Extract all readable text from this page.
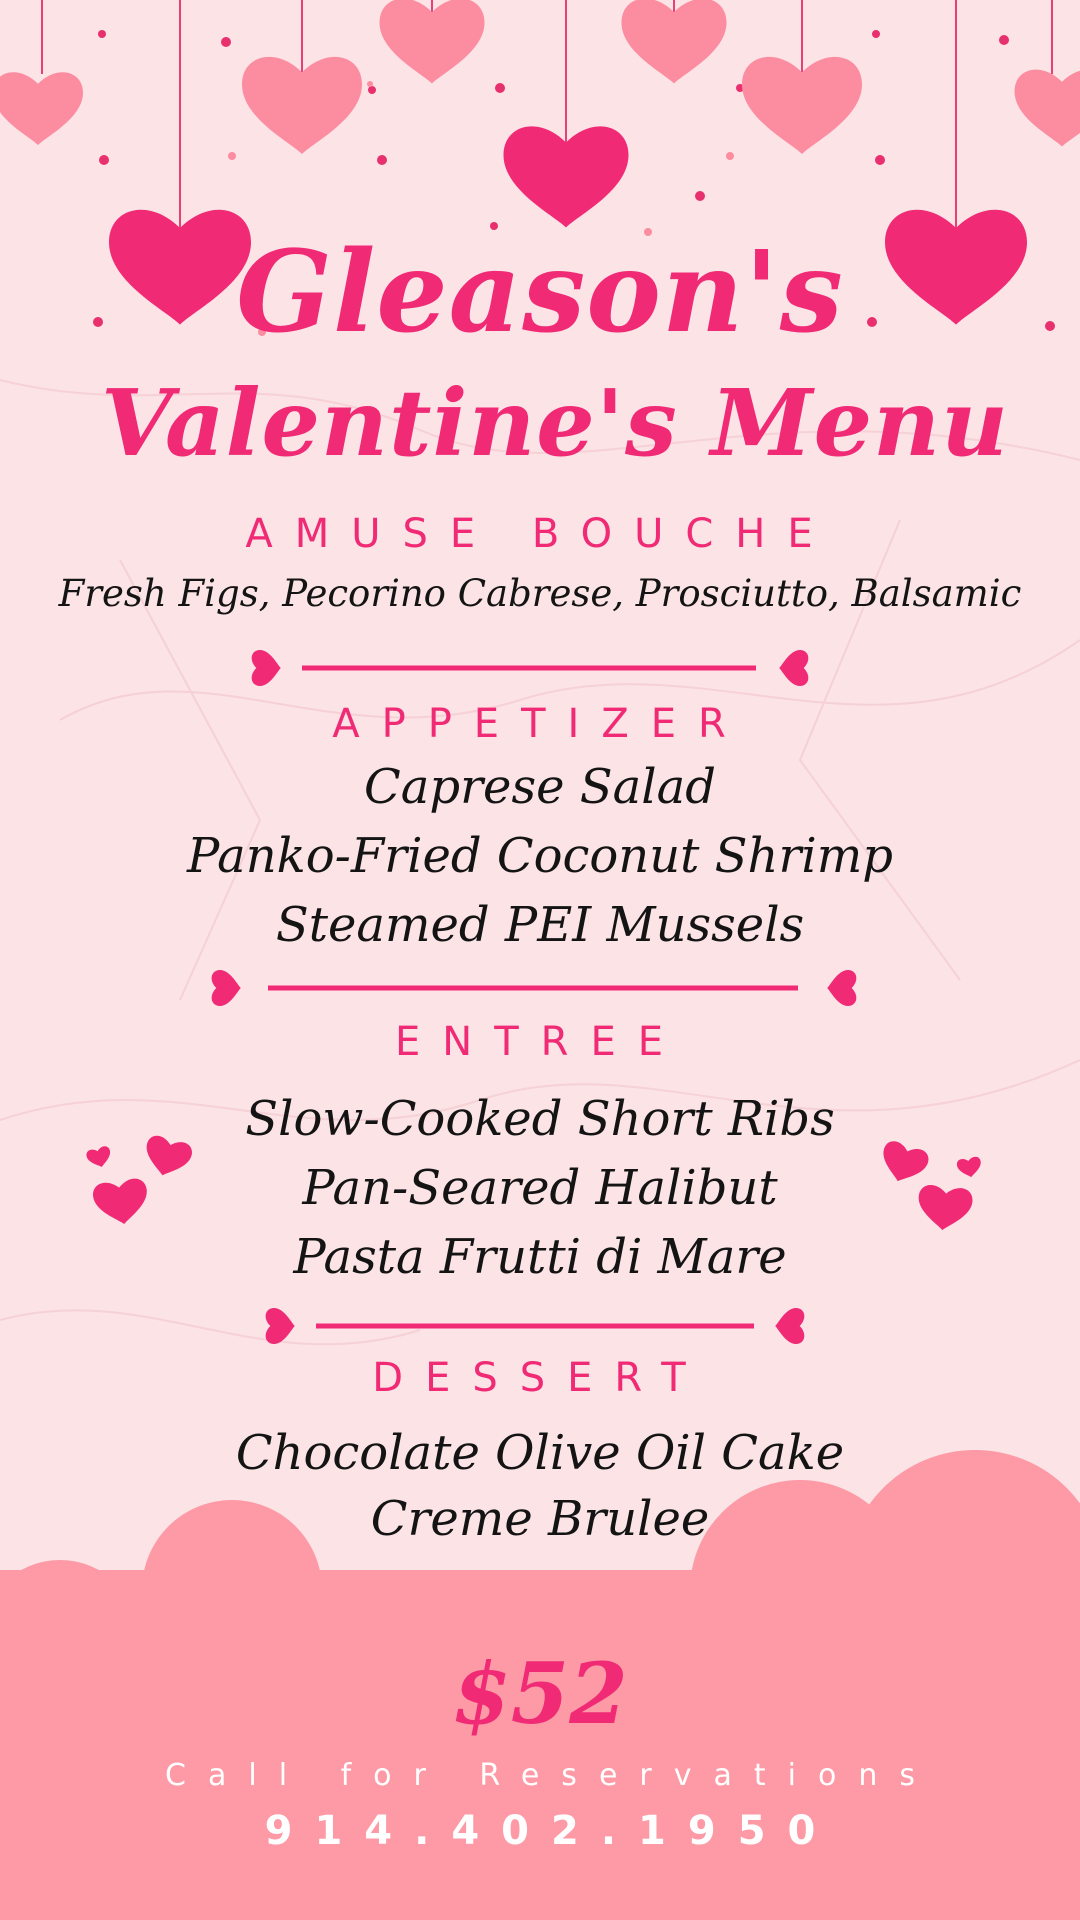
Gleason's
Valentine's Menu
AMUSE BOUCHE
Fresh Figs, Pecorino Cabrese, Prosciutto, Balsamic
APPETIZER
Caprese Salad
Panko-Fried Coconut Shrimp
Steamed PEI Mussels
ENTREE
Slow-Cooked Short Ribs
Pan-Seared Halibut
Pasta Frutti di Mare
DESSERT
Chocolate Olive Oil Cake
Creme Brulee
$52
Call for Reservations
914.402.1950
